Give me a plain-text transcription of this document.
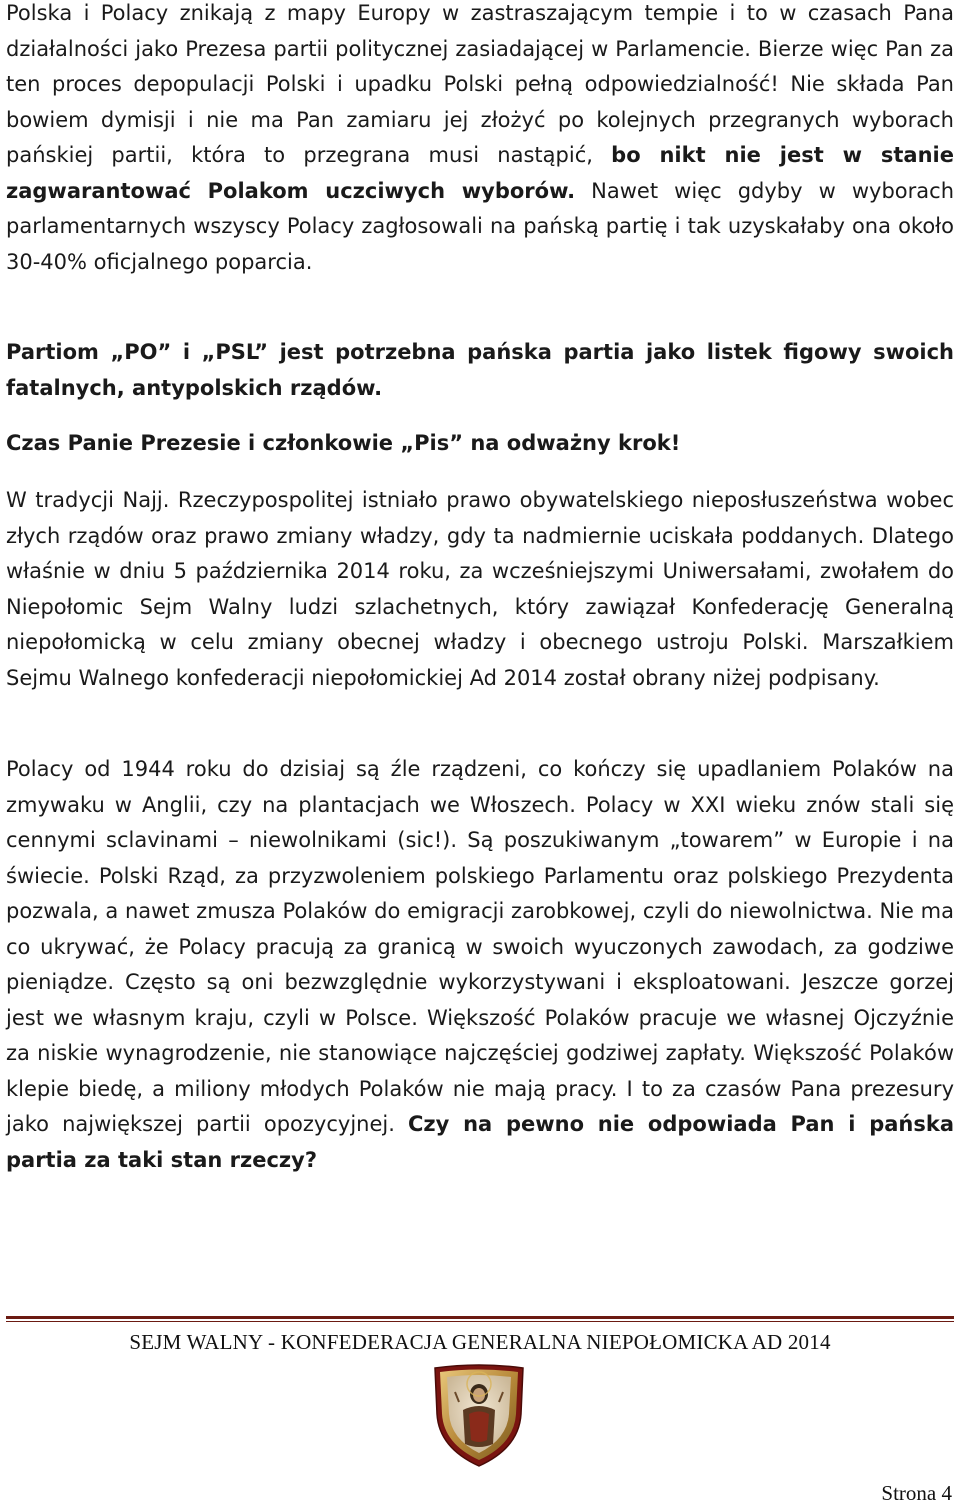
Polska i Polacy znikają z mapy Europy w zastraszającym tempie i to w czasach Pana działalności jako Prezesa partii politycznej zasiadającej w Parlamencie. Bierze więc Pan za ten proces depopulacji Polski i upadku Polski pełną odpowiedzialność! Nie składa Pan bowiem dymisji i nie ma Pan zamiaru jej złożyć po kolejnych przegranych wyborach pańskiej partii, która to przegrana musi nastąpić, bo nikt nie jest w stanie zagwarantować Polakom uczciwych wyborów. Nawet więc gdyby w wyborach parlamentarnych wszyscy Polacy zagłosowali na pańską partię i tak uzyskałaby ona około 30-40% oficjalnego poparcia.

Partiom „PO” i „PSL” jest potrzebna pańska partia jako listek figowy swoich fatalnych, antypolskich rządów.

Czas Panie Prezesie i członkowie „Pis” na odważny krok!

W tradycji Najj. Rzeczypospolitej istniało prawo obywatelskiego nieposłuszeństwa wobec złych rządów oraz prawo zmiany władzy, gdy ta nadmiernie uciskała poddanych. Dlatego właśnie w dniu 5 października 2014 roku, za wcześniejszymi Uniwersałami, zwołałem do Niepołomic Sejm Walny ludzi szlachetnych, który zawiązał Konfederację Generalną niepołomicką w celu zmiany obecnej władzy i obecnego ustroju Polski. Marszałkiem Sejmu Walnego konfederacji niepołomickiej Ad 2014 został obrany niżej podpisany.

Polacy od 1944 roku do dzisiaj są źle rządzeni, co kończy się upadlaniem Polaków na zmywaku w Anglii, czy na plantacjach we Włoszech. Polacy w XXI wieku znów stali się cennymi sclavinami – niewolnikami (sic!). Są poszukiwanym „towarem” w Europie i na świecie. Polski Rząd, za przyzwoleniem polskiego Parlamentu oraz polskiego Prezydenta pozwala, a nawet zmusza Polaków do emigracji zarobkowej, czyli do niewolnictwa. Nie ma co ukrywać, że Polacy pracują za granicą w swoich wyuczonych zawodach, za godziwe pieniądze. Często są oni bezwzględnie wykorzystywani i eksploatowani. Jeszcze gorzej jest we własnym kraju, czyli w Polsce. Większość Polaków pracuje we własnej Ojczyźnie za niskie wynagrodzenie, nie stanowiące najczęściej godziwej zapłaty. Większość Polaków klepie biedę, a miliony młodych Polaków nie mają pracy. I to za czasów Pana prezesury jako największej partii opozycyjnej. Czy na pewno nie odpowiada Pan i pańska partia za taki stan rzeczy?

SEJM WALNY - KONFEDERACJA GENERALNA NIEPOŁOMICKA AD 2014
Strona 4
